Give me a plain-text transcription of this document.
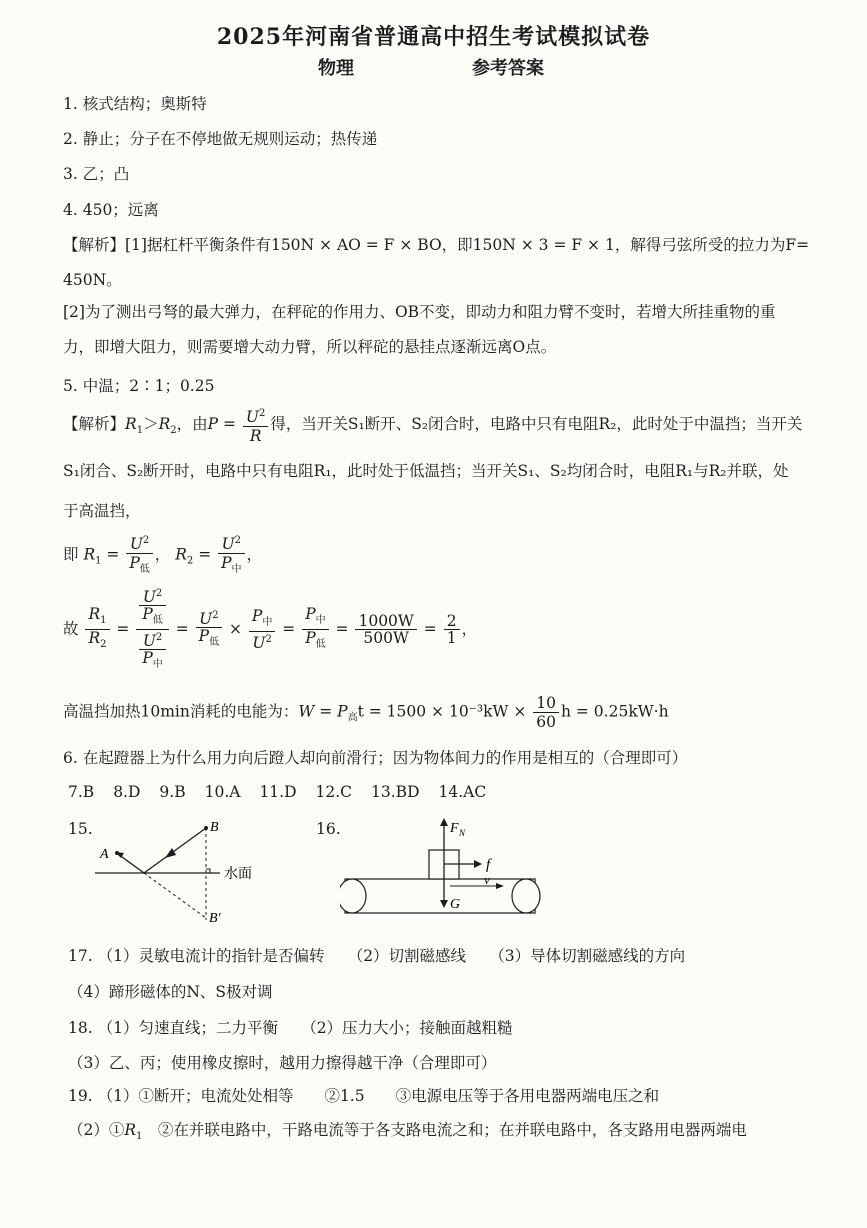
2025年河南省普通高中招生考试模拟试卷
物理	参考答案
1. 核式结构；奥斯特
2. 静止；分子在不停地做无规则运动；热传递
3. 乙；凸
4. 450；远离
【解析】[1]据杠杆平衡条件有150N × AO = F × BO，即150N × 3 = F × 1，解得弓弦所受的拉力为F=
450N。
[2]为了测出弓弩的最大弹力，在秤砣的作用力、OB不变，即动力和阻力臂不变时，若增大所挂重物的重力，即增大阻力，则需要增大动力臂，所以秤砣的悬挂点逐渐远离O点。
5. 中温；2∶1；0.25
【解析】$R_1>R_2$，由$P = \frac{U^2}{R}$ 得，当开关S₁断开、S₂闭合时，电路中只有电阻R₂，此时处于中温挡；当开关S₁闭合、S₂断开时，电路中只有电阻R₁，此时处于低温挡；当开关S₁、S₂均闭合时，电阻R₁与R₂并联，处于高温挡，
即 $R_1 = \frac{U^2}{P_低}$ ， $R_2 = \frac{U^2}{P_中}$ ，
故 $\frac{R_1}{R_2} = \frac{\frac{U^2}{P_低}}{\frac{U^2}{P_中}} = \frac{U^2}{P_低} \times \frac{P_中}{U^2} = \frac{P_中}{P_低} = \frac{1000W}{500W} = \frac{2}{1}$ ，
高温挡加热10min消耗的电能为：$W = P_高t = 1500 \times 10^{-3}kW \times \frac{10}{60}$ h = 0.25kW·h
6. 在起蹬器上为什么用力向后蹬人却向前滑行；因为物体间力的作用是相互的（合理即可）
7.B 8.D 9.B 10.A 11.D 12.C 13.BD 14.AC
15.	B
A
B′
水面
16.	F N
f
v
G
17. （1）灵敏电流计的指针是否偏转　　（2）切割磁感线　　（3）导体切割磁感线的方向
（4）蹄形磁体的N、S极对调
18. （1）匀速直线；二力平衡　　（2）压力大小；接触面越粗糙
（3）乙、丙；使用橡皮擦时，越用力擦得越干净（合理即可）
19. （1）①断开；电流处处相等　　②1.5　　③电源电压等于各用电器两端电压之和
$(2)①R_1$　②在并联电路中，干路电流等于各支路电流之和；在并联电路中，各支路用电器两端电
